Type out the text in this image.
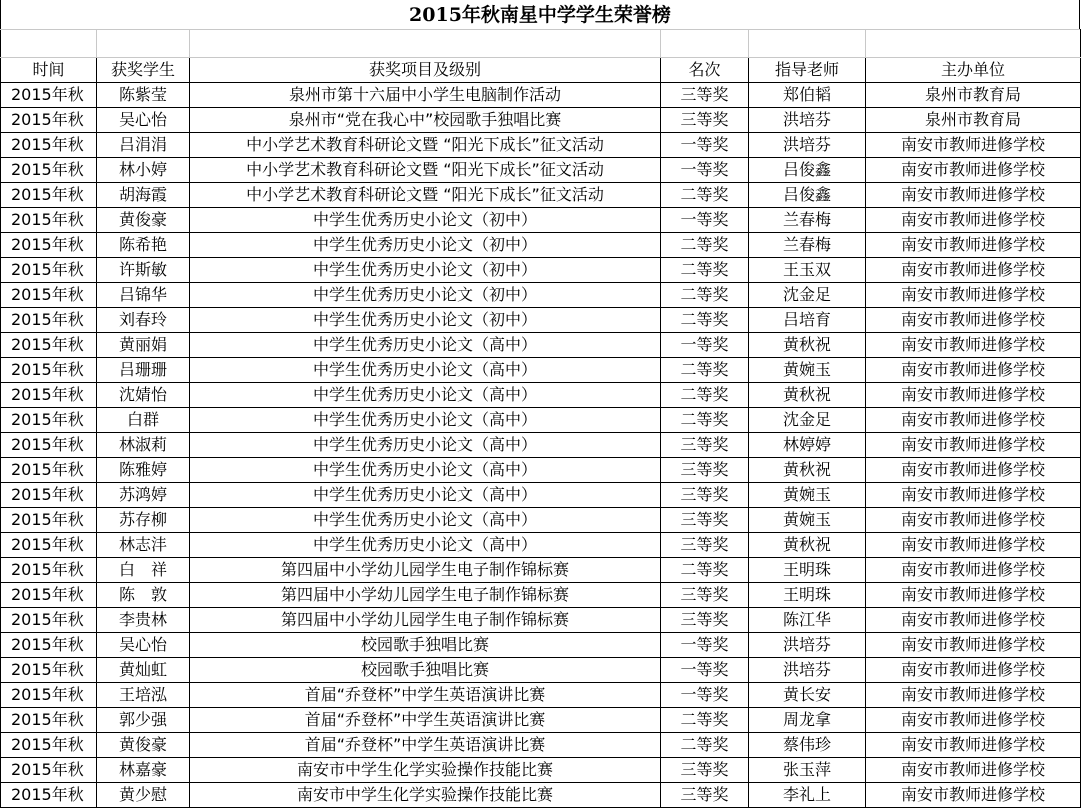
2015年秋南星中学学生荣誉榜

时间	获奖学生	获奖项目及级别	名次	指导老师	主办单位
2015年秋	陈紫莹	泉州市第十六届中小学生电脑制作活动	三等奖	郑伯韬	泉州市教育局
2015年秋	吴心怡	泉州市“党在我心中”校园歌手独唱比赛	三等奖	洪培芬	泉州市教育局
2015年秋	吕涓涓	中小学艺术教育科研论文暨 “阳光下成长”征文活动	一等奖	洪培芬	南安市教师进修学校
2015年秋	林小婷	中小学艺术教育科研论文暨 “阳光下成长”征文活动	一等奖	吕俊鑫	南安市教师进修学校
2015年秋	胡海霞	中小学艺术教育科研论文暨 “阳光下成长”征文活动	二等奖	吕俊鑫	南安市教师进修学校
2015年秋	黄俊豪	中学生优秀历史小论文（初中）	一等奖	兰春梅	南安市教师进修学校
2015年秋	陈希艳	中学生优秀历史小论文（初中）	二等奖	兰春梅	南安市教师进修学校
2015年秋	许斯敏	中学生优秀历史小论文（初中）	二等奖	王玉双	南安市教师进修学校
2015年秋	吕锦华	中学生优秀历史小论文（初中）	二等奖	沈金足	南安市教师进修学校
2015年秋	刘春玲	中学生优秀历史小论文（初中）	二等奖	吕培育	南安市教师进修学校
2015年秋	黄丽娟	中学生优秀历史小论文（高中）	一等奖	黄秋祝	南安市教师进修学校
2015年秋	吕珊珊	中学生优秀历史小论文（高中）	二等奖	黄婉玉	南安市教师进修学校
2015年秋	沈婧怡	中学生优秀历史小论文（高中）	二等奖	黄秋祝	南安市教师进修学校
2015年秋	白群	中学生优秀历史小论文（高中）	二等奖	沈金足	南安市教师进修学校
2015年秋	林淑莉	中学生优秀历史小论文（高中）	三等奖	林婷婷	南安市教师进修学校
2015年秋	陈雅婷	中学生优秀历史小论文（高中）	三等奖	黄秋祝	南安市教师进修学校
2015年秋	苏鸿婷	中学生优秀历史小论文（高中）	三等奖	黄婉玉	南安市教师进修学校
2015年秋	苏存柳	中学生优秀历史小论文（高中）	三等奖	黄婉玉	南安市教师进修学校
2015年秋	林志沣	中学生优秀历史小论文（高中）	三等奖	黄秋祝	南安市教师进修学校
2015年秋	白　祥	第四届中小学幼儿园学生电子制作锦标赛	二等奖	王明珠	南安市教师进修学校
2015年秋	陈　敦	第四届中小学幼儿园学生电子制作锦标赛	三等奖	王明珠	南安市教师进修学校
2015年秋	李贵林	第四届中小学幼儿园学生电子制作锦标赛	三等奖	陈江华	南安市教师进修学校
2015年秋	吴心怡	校园歌手独唱比赛	一等奖	洪培芬	南安市教师进修学校
2015年秋	黄灿虹	校园歌手独唱比赛	一等奖	洪培芬	南安市教师进修学校
2015年秋	王培泓	首届“乔登杯”中学生英语演讲比赛	一等奖	黄长安	南安市教师进修学校
2015年秋	郭少强	首届“乔登杯”中学生英语演讲比赛	二等奖	周龙拿	南安市教师进修学校
2015年秋	黄俊豪	首届“乔登杯”中学生英语演讲比赛	二等奖	蔡伟珍	南安市教师进修学校
2015年秋	林嘉豪	南安市中学生化学实验操作技能比赛	三等奖	张玉萍	南安市教师进修学校
2015年秋	黄少慰	南安市中学生化学实验操作技能比赛	三等奖	李礼上	南安市教师进修学校
